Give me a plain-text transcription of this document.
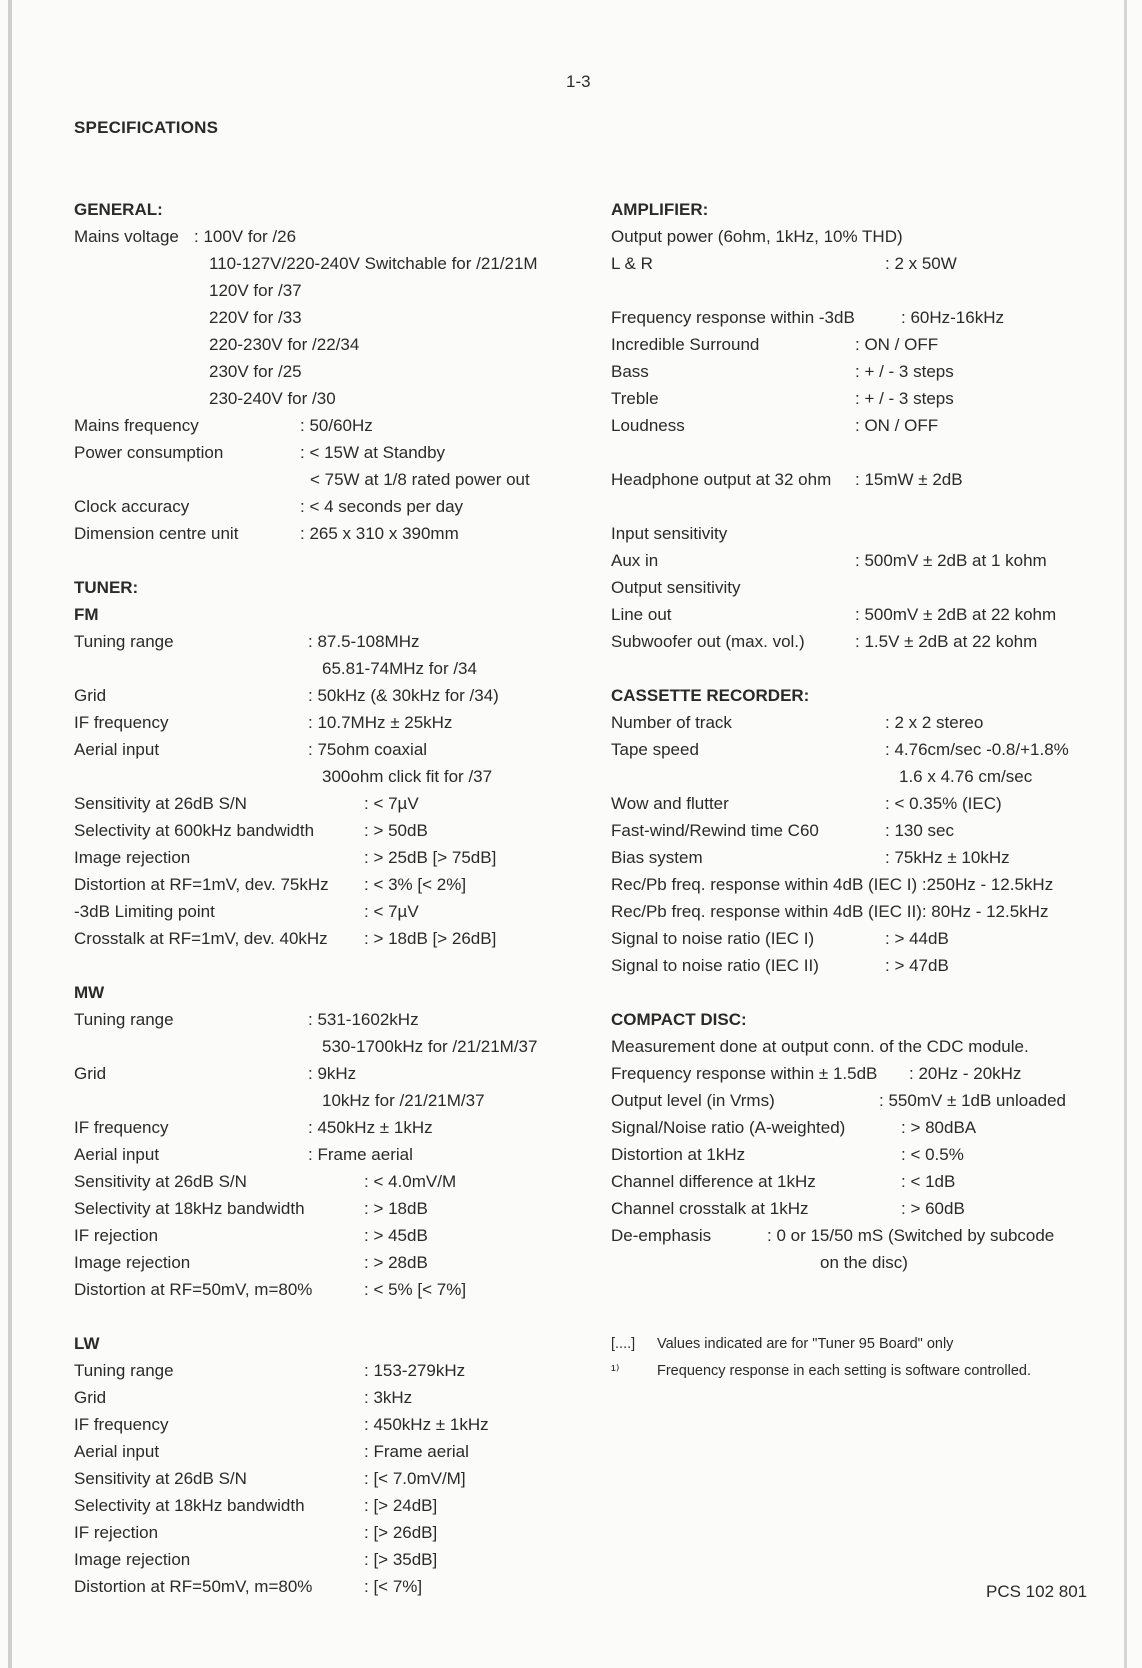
1-3
SPECIFICATIONS
GENERAL:
Mains voltage : 100V for /26
110-127V/220-240V Switchable for /21/21M
120V for /37
220V for /33
220-230V for /22/34
230V for /25
230-240V for /30
Mains frequency	: 50/60Hz
Power consumption	: < 15W at Standby
< 75W at 1/8 rated power out
Clock accuracy	: < 4 seconds per day
Dimension centre unit	: 265 x 310 x 390mm
TUNER:
FM
Tuning range	: 87.5-108MHz
65.81-74MHz for /34
Grid	: 50kHz (& 30kHz for /34)
IF frequency	: 10.7MHz ± 25kHz
Aerial input	: 75ohm coaxial
300ohm click fit for /37
Sensitivity at 26dB S/N	: < 7µV
Selectivity at 600kHz bandwidth	: > 50dB
Image rejection	: > 25dB [> 75dB]
Distortion at RF=1mV, dev. 75kHz : < 3% [< 2%]
-3dB Limiting point	: < 7µV
Crosstalk at RF=1mV, dev. 40kHz : > 18dB [> 26dB]
MW
Tuning range	: 531-1602kHz
530-1700kHz for /21/21M/37
Grid	: 9kHz
10kHz for /21/21M/37
IF frequency	: 450kHz ± 1kHz
Aerial input	: Frame aerial
Sensitivity at 26dB S/N	: < 4.0mV/M
Selectivity at 18kHz bandwidth	: > 18dB
IF rejection	: > 45dB
Image rejection	: > 28dB
Distortion at RF=50mV, m=80%	: < 5% [< 7%]
LW
Tuning range	: 153-279kHz
Grid	: 3kHz
IF frequency	: 450kHz ± 1kHz
Aerial input	: Frame aerial
Sensitivity at 26dB S/N	: [< 7.0mV/M]
Selectivity at 18kHz bandwidth	: [> 24dB]
IF rejection	: [> 26dB]
Image rejection	: [> 35dB]
Distortion at RF=50mV, m=80%	: [< 7%]
AMPLIFIER:
Output power (6ohm, 1kHz, 10% THD)
L & R	: 2 x 50W
Frequency response within -3dB	: 60Hz-16kHz
Incredible Surround	: ON / OFF
Bass	: + / - 3 steps
Treble	: + / - 3 steps
Loudness	: ON / OFF
Headphone output at 32 ohm : 15mW ± 2dB
Input sensitivity
Aux in	: 500mV ± 2dB at 1 kohm
Output sensitivity
Line out	: 500mV ± 2dB at 22 kohm
Subwoofer out (max. vol.)	: 1.5V ± 2dB at 22 kohm
CASSETTE RECORDER:
Number of track	: 2 x 2 stereo
Tape speed	: 4.76cm/sec -0.8/+1.8%
1.6 x 4.76 cm/sec
Wow and flutter	: < 0.35% (IEC)
Fast-wind/Rewind time C60	: 130 sec
Bias system	: 75kHz ± 10kHz
Rec/Pb freq. response within 4dB (IEC I) :250Hz - 12.5kHz
Rec/Pb freq. response within 4dB (IEC II): 80Hz - 12.5kHz
Signal to noise ratio (IEC I)	: > 44dB
Signal to noise ratio (IEC II)	: > 47dB
COMPACT DISC:
Measurement done at output conn. of the CDC module.
Frequency response within ± 1.5dB : 20Hz - 20kHz
Output level (in Vrms)	: 550mV ± 1dB unloaded
Signal/Noise ratio (A-weighted)	: > 80dBA
Distortion at 1kHz	: < 0.5%
Channel difference at 1kHz	: < 1dB
Channel crosstalk at 1kHz	: > 60dB
De-emphasis	: 0 or 15/50 mS (Switched by subcode
on the disc)
[....] Values indicated are for "Tuner 95 Board" only
¹⁾	Frequency response in each setting is software controlled.
PCS 102 801
